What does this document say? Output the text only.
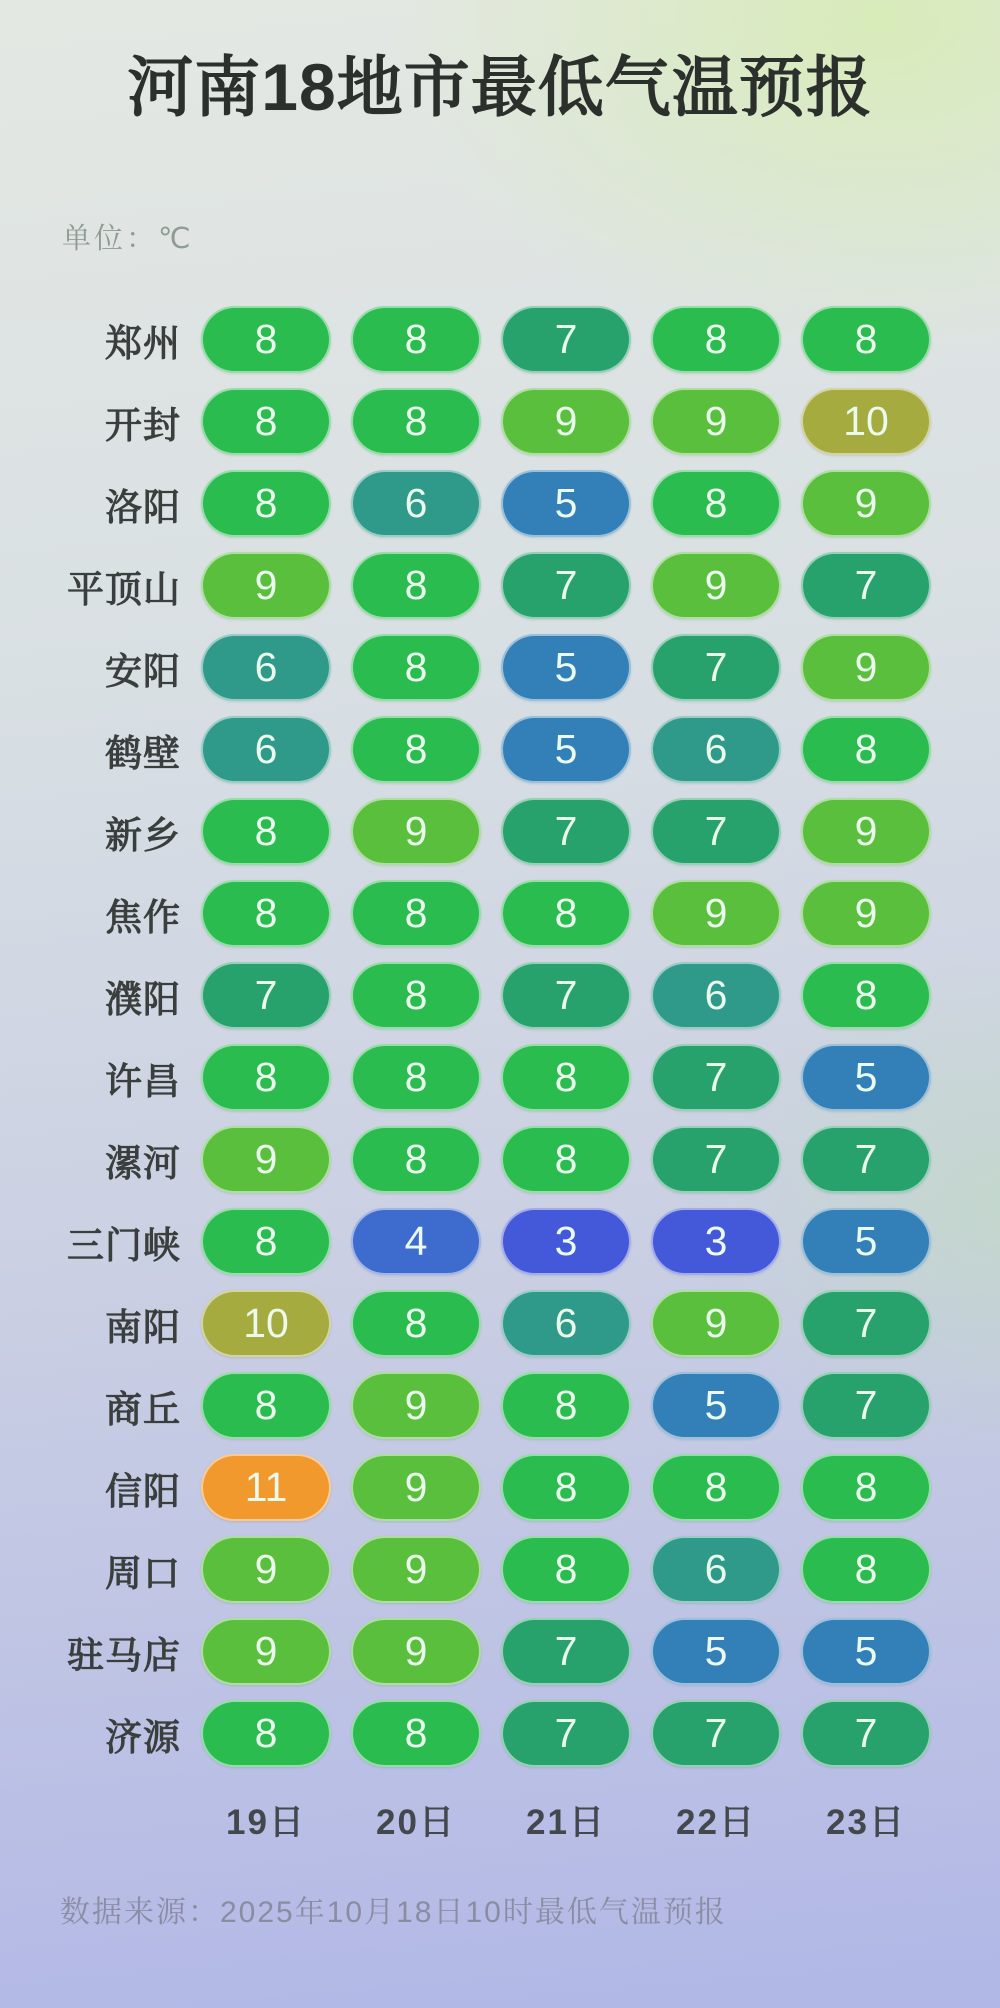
河南18地市最低气温预报
单位：℃
郑州	8	8	7	8	8
开封	8	8	9	9	10
洛阳	8	6	5	8	9
平顶山	9	8	7	9	7
安阳	6	8	5	7	9
鹤壁	6	8	5	6	8
新乡	8	9	7	7	9
焦作	8	8	8	9	9
濮阳	7	8	7	6	8
许昌	8	8	8	7	5
漯河	9	8	8	7	7
三门峡	8	4	3	3	5
南阳	10	8	6	9	7
商丘	8	9	8	5	7
信阳	11	9	8	8	8
周口	9	9	8	6	8
驻马店	9	9	7	5	5
济源	8	8	7	7	7
19日	20日	21日	22日	23日
数据来源：2025年10月18日10时最低气温预报
